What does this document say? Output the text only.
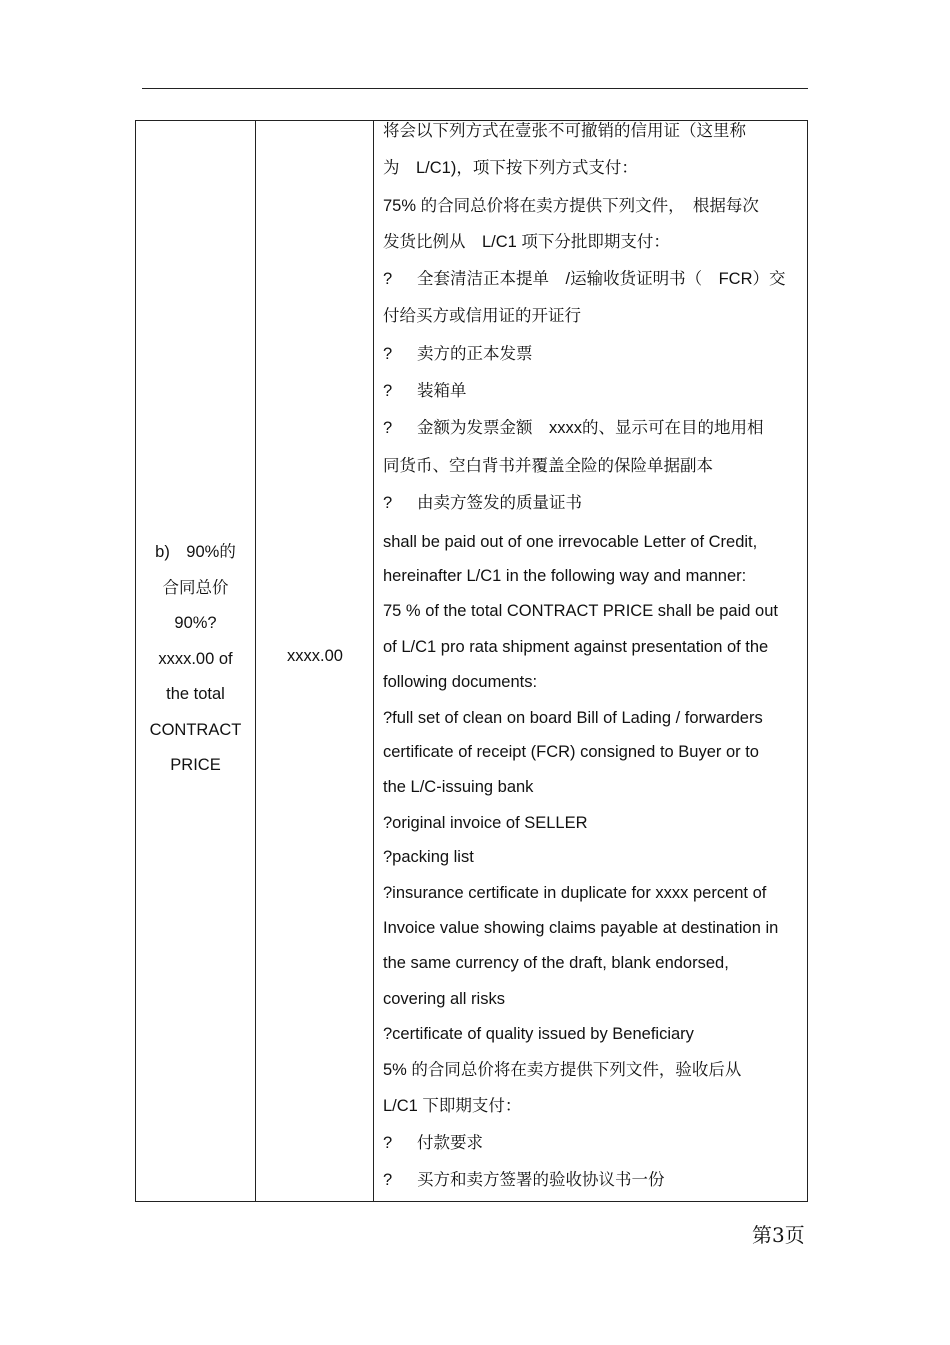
b)　90%的
合同总价
90%?
xxxx.00 of
the total
CONTRACT
PRICE
xxxx.00
将会以下列方式在壹张不可撤销的信用证（这里称
为　L/C1)，项下按下列方式支付：
75% 的合同总价将在卖方提供下列文件，　根据每次
发货比例从　L/C1 项下分批即期支付：
? 全套清洁正本提单　/运输收货证明书（　FCR）交
付给买方或信用证的开证行
? 卖方的正本发票
? 装箱单
? 金额为发票金额　xxxx的、显示可在目的地用相
同货币、空白背书并覆盖全险的保险单据副本
? 由卖方签发的质量证书
shall be paid out of one irrevocable Letter of Credit,
hereinafter L/C1 in the following way and manner:
75 % of the total CONTRACT PRICE shall be paid out
of L/C1 pro rata shipment against presentation of the
following documents:
?full set of clean on board Bill of Lading / forwarders
certificate of receipt (FCR) consigned to Buyer or to
the L/C-issuing bank
?original invoice of SELLER
?packing list
?insurance certificate in duplicate for xxxx percent of
Invoice value showing claims payable at destination in
the same currency of the draft, blank endorsed,
covering all risks
?certificate of quality issued by Beneficiary
5% 的合同总价将在卖方提供下列文件，验收后从
L/C1 下即期支付：
? 付款要求
? 买方和卖方签署的验收协议书一份
第3页
